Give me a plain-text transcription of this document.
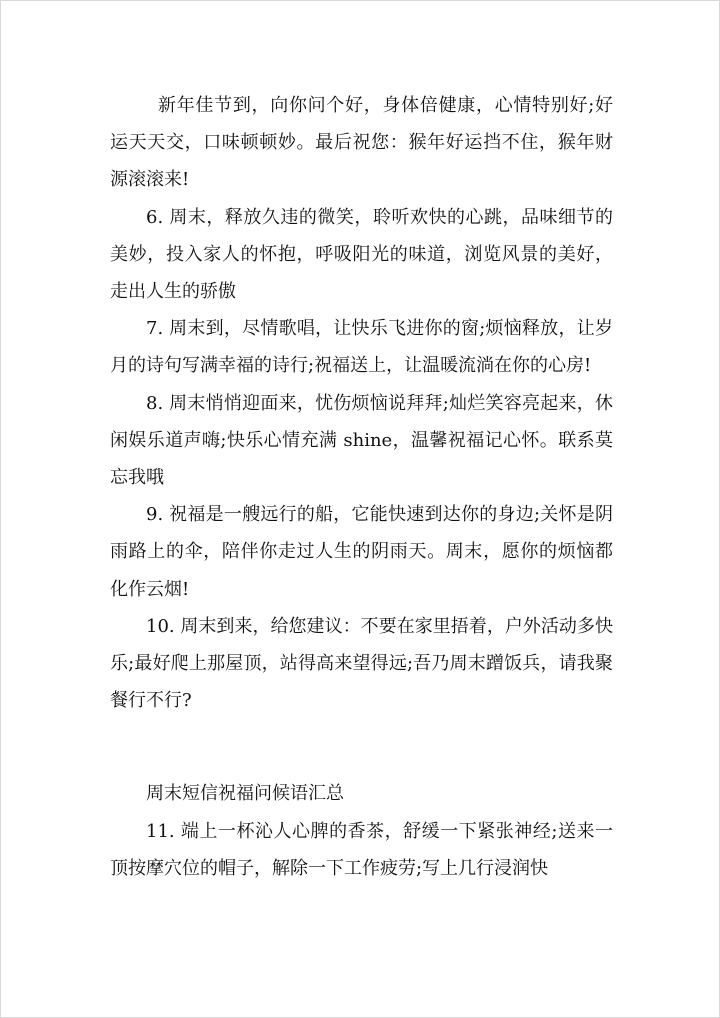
新年佳节到，向你问个好，身体倍健康，心情特别好;好运天天交，口味顿顿妙。最后祝您：猴年好运挡不住，猴年财源滚滚来!

6. 周末，释放久违的微笑，聆听欢快的心跳，品味细节的美妙，投入家人的怀抱，呼吸阳光的味道，浏览风景的美好，走出人生的骄傲

7. 周末到，尽情歌唱，让快乐飞进你的窗;烦恼释放，让岁月的诗句写满幸福的诗行;祝福送上，让温暖流淌在你的心房!

8. 周末悄悄迎面来，忧伤烦恼说拜拜;灿烂笑容亮起来，休闲娱乐道声嗨;快乐心情充满 shine，温馨祝福记心怀。联系莫忘我哦

9. 祝福是一艘远行的船，它能快速到达你的身边;关怀是阴雨路上的伞，陪伴你走过人生的阴雨天。周末，愿你的烦恼都化作云烟!

10. 周末到来，给您建议：不要在家里捂着，户外活动多快乐;最好爬上那屋顶，站得高来望得远;吾乃周末蹭饭兵，请我聚餐行不行?

周末短信祝福问候语汇总

11. 端上一杯沁人心脾的香茶，舒缓一下紧张神经;送来一顶按摩穴位的帽子，解除一下工作疲劳;写上几行浸润快
